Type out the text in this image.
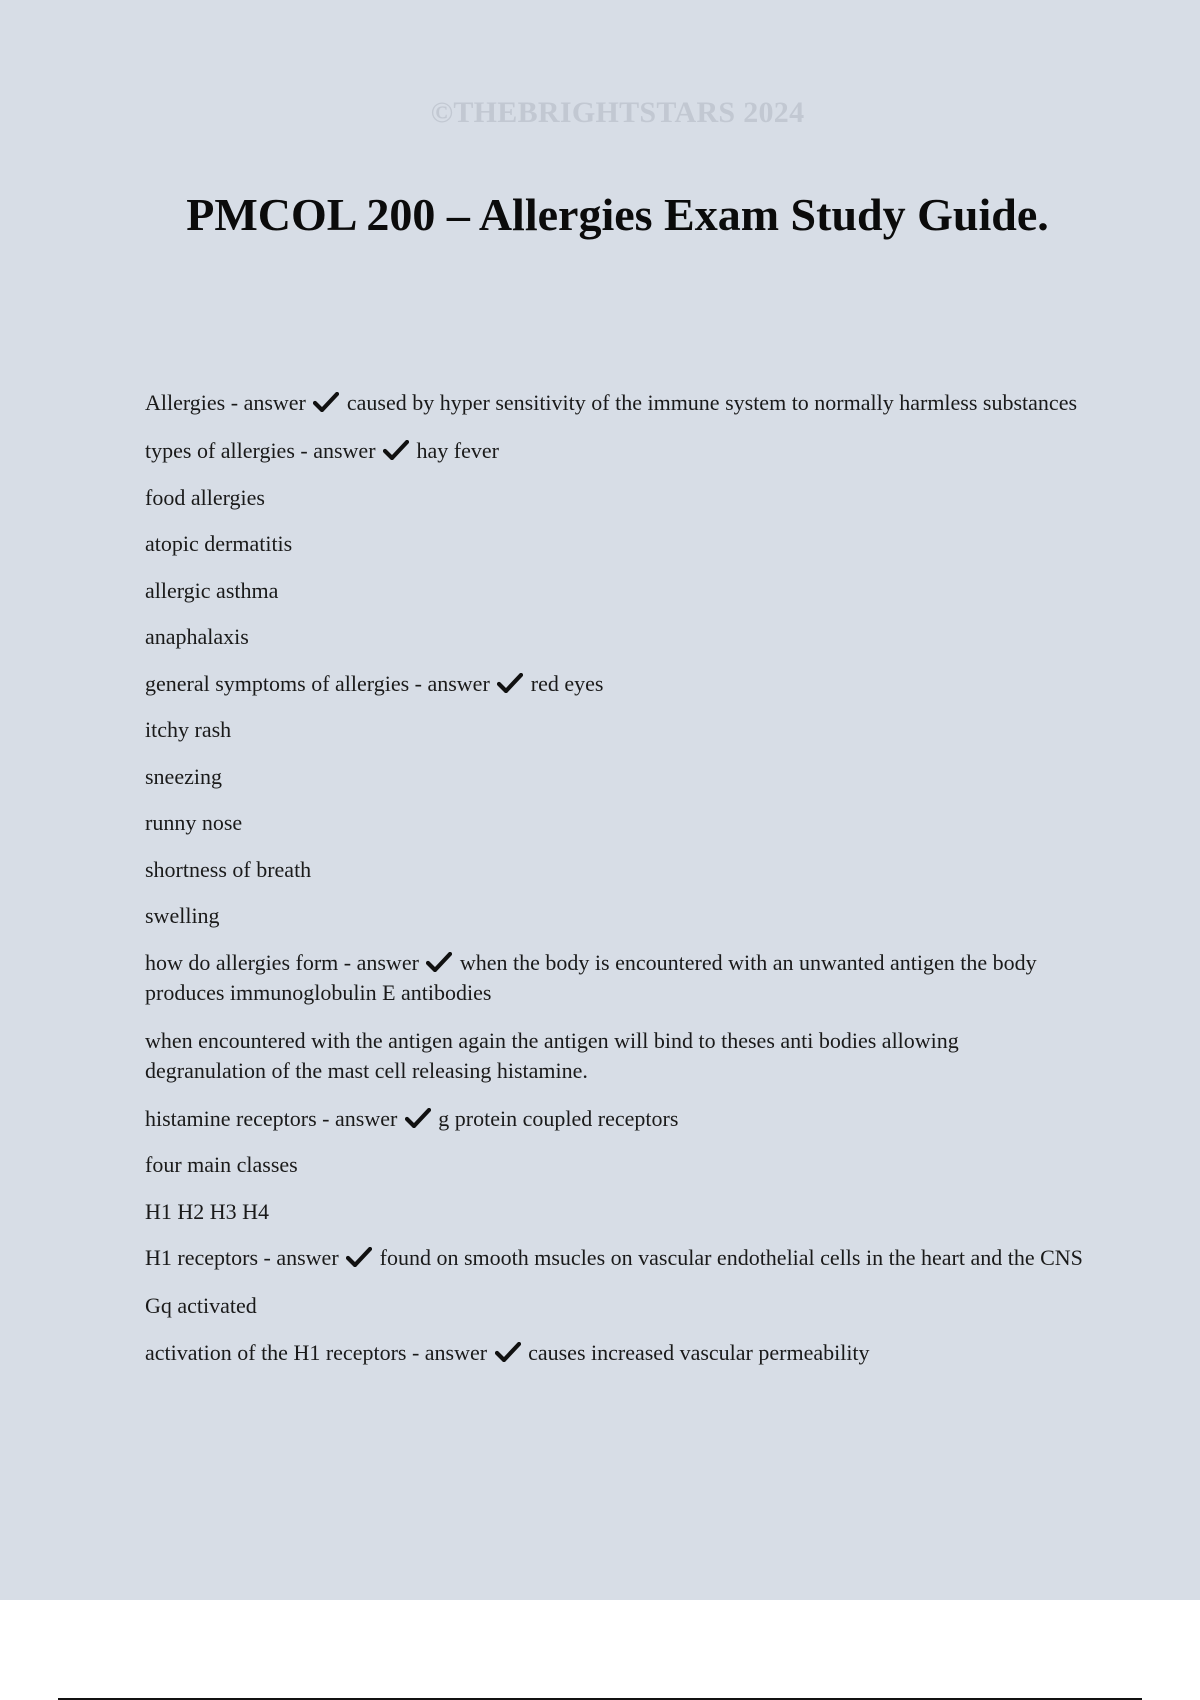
©THEBRIGHTSTARS 2024
PMCOL 200 – Allergies Exam Study Guide.
Allergies - answer caused by hyper sensitivity of the immune system to normally harmless substances
types of allergies - answer hay fever
food allergies
atopic dermatitis
allergic asthma
anaphalaxis
general symptoms of allergies - answer red eyes
itchy rash
sneezing
runny nose
shortness of breath
swelling
how do allergies form - answer when the body is encountered with an unwanted antigen the body produces immunoglobulin E antibodies
when encountered with the antigen again the antigen will bind to theses anti bodies allowing degranulation of the mast cell releasing histamine.
histamine receptors - answer g protein coupled receptors
four main classes
H1 H2 H3 H4
H1 receptors - answer found on smooth msucles on vascular endothelial cells in the heart and the CNS
Gq activated
activation of the H1 receptors - answer causes increased vascular permeability
